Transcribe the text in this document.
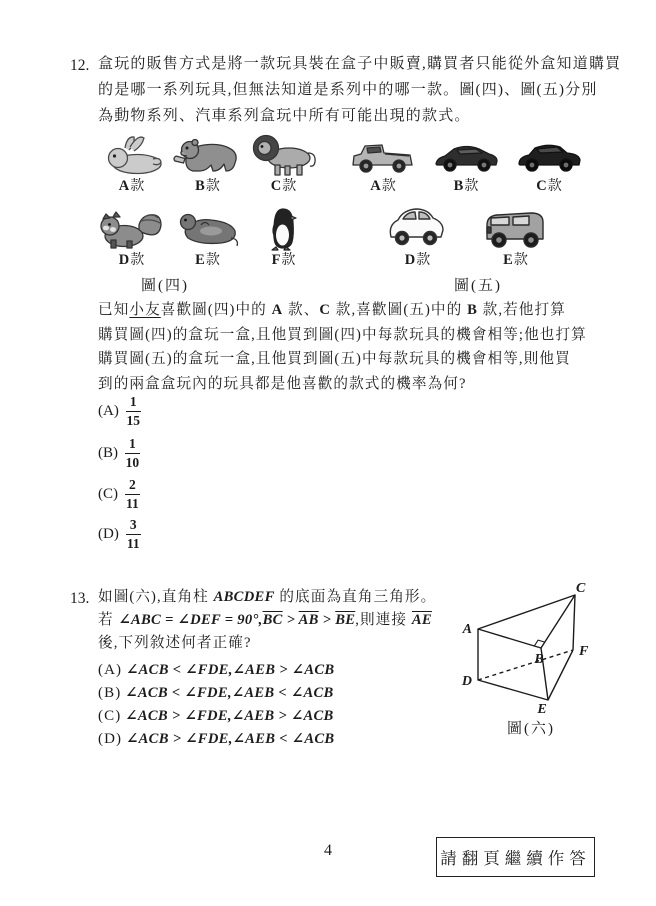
12. 盒玩的販售方式是將一款玩具裝在盒子中販賣,購買者只能從外盒知道購買
的是哪一系列玩具,但無法知道是系列中的哪一款。圖(四)、圖(五)分別
為動物系列、汽車系列盒玩中所有可能出現的款式。
A款	B款	C款
D款	E款	F款
圖(四)
A款	B款	C款
D款	E款
圖(五)
已知小友喜歡圖(四)中的 A 款、C 款,喜歡圖(五)中的 B 款,若他打算
購買圖(四)的盒玩一盒,且他買到圖(四)中每款玩具的機會相等;他也打算
購買圖(五)的盒玩一盒,且他買到圖(五)中每款玩具的機會相等,則他買
到的兩盒盒玩內的玩具都是他喜歡的款式的機率為何?
$(A) \frac{1}{15}$
$(B) \frac{1}{10}$
$(C) \frac{2}{11}$
$(D) \frac{3}{11}$
13. 如圖(六),直角柱 ABCDEF 的底面為直角三角形。
若 ∠ABC = ∠DEF = $90^\circ,\overline{BC} > \overline{AB} > \overline{BE}$,則連接 $\overline{AE}$
後,下列敘述何者正確?
(A) ∠ACB < ∠FDE,∠AEB > ∠ACB
(B) ∠ACB < ∠FDE,∠AEB < ∠ACB
(C) ∠ACB > ∠FDE,∠AEB > ∠ACB
(D) ∠ACB > ∠FDE,∠AEB < ∠ACB
C
A
B
F
D
E
圖(六)
4	請翻頁繼續作答
